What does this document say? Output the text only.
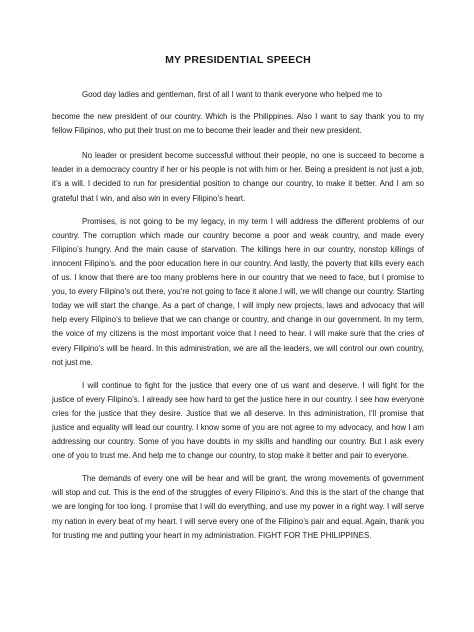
MY PRESIDENTIAL SPEECH

Good day ladies and gentleman, first of all I want to thank everyone who helped me to

become the new president of our country. Which is the Philippines. Also I want to say thank you to my fellow Filipinos, who put their trust on me to become their leader and their new president.

No leader or president become successful without their people, no one is succeed to become a leader in a democracy country if her or his people is not with him or her. Being a president is not just a job, it’s a will. I decided to run for presidential position to change our country, to make it better. And I am so grateful that I win, and also win in every Filipino’s heart.

Promises, is not going to be my legacy, in my term I will address the different problems of our country. The corruption which made our country become a poor and weak country, and made every Filipino’s hungry. And the main cause of starvation. The killings here in our country, nonstop killings of innocent Filipino’s. and the poor education here in our country. And lastly, the poverty that kills every each of us. I know that there are too many problems here in our country that we need to face, but I promise to you, to every Filipino’s out there, you’re not going to face it alone.I will, we will change our country. Starting today we will start the change. As a part of change, I will imply new projects, laws and advocacy that will help every Filipino’s to believe that we can change or country, and change in our government. In my term, the voice of my citizens is the most important voice that I need to hear. I will make sure that the cries of every Filipino’s will be heard. In this administration, we are all the leaders, we will control our own country, not just me.

I will continue to fight for the justice that every one of us want and deserve. I will fight for the justice of every Filipino’s. I already see how hard to get the justice here in our country. I see how everyone cries for the justice that they desire. Justice that we all deserve. In this administration, I’ll promise that justice and equality will lead our country. I know some of you are not agree to my advocacy, and how I am addressing our country. Some of you have doubts in my skills and handling our country. But I ask every one of you to trust me. And help me to change our country, to stop make it better and pair to everyone.

The demands of every one will be hear and will be grant, the wrong movements of government will stop and cut. This is the end of the struggles of every Filipino’s. And this is the start of the change that we are longing for too long. I promise that I will do everything, and use my power in a right way. I will serve my nation in every beat of my heart. I will serve every one of the Filipino’s pair and equal. Again, thank you for trusting me and putting your heart in my administration. FIGHT FOR THE PHILIPPINES.
